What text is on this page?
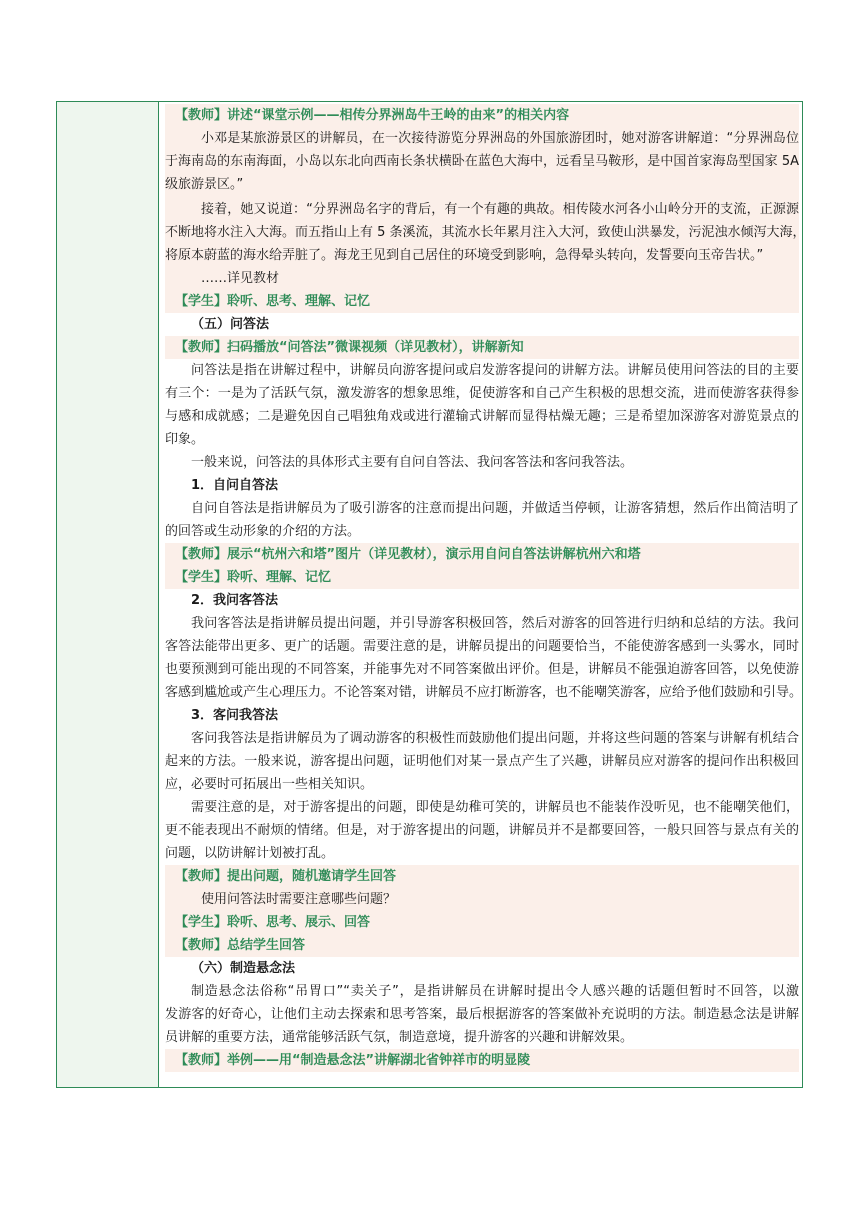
【教师】讲述“课堂示例——相传分界洲岛牛王岭的由来”的相关内容

小邓是某旅游景区的讲解员，在一次接待游览分界洲岛的外国旅游团时，她对游客讲解道：“分界洲岛位

于海南岛的东南海面，小岛以东北向西南长条状横卧在蓝色大海中，远看呈马鞍形，是中国首家海岛型国家 5A

级旅游景区。”

接着，她又说道：“分界洲岛名字的背后，有一个有趣的典故。相传陵水河各小山岭分开的支流，正源源

不断地将水注入大海。而五指山上有 5 条溪流，其流水长年累月注入大河，致使山洪暴发，污泥浊水倾泻大海，

将原本蔚蓝的海水给弄脏了。海龙王见到自己居住的环境受到影响，急得晕头转向，发誓要向玉帝告状。”

……详见教材

【学生】聆听、思考、理解、记忆

（五）问答法

【教师】扫码播放“问答法”微课视频（详见教材），讲解新知

问答法是指在讲解过程中，讲解员向游客提问或启发游客提问的讲解方法。讲解员使用问答法的目的主要

有三个：一是为了活跃气氛，激发游客的想象思维，促使游客和自己产生积极的思想交流，进而使游客获得参

与感和成就感；二是避免因自己唱独角戏或进行灌输式讲解而显得枯燥无趣；三是希望加深游客对游览景点的

印象。

一般来说，问答法的具体形式主要有自问自答法、我问客答法和客问我答法。

1．自问自答法

自问自答法是指讲解员为了吸引游客的注意而提出问题，并做适当停顿，让游客猜想，然后作出简洁明了

的回答或生动形象的介绍的方法。

【教师】展示“杭州六和塔”图片（详见教材），演示用自问自答法讲解杭州六和塔

【学生】聆听、理解、记忆

2．我问客答法

我问客答法是指讲解员提出问题，并引导游客积极回答，然后对游客的回答进行归纳和总结的方法。我问

客答法能带出更多、更广的话题。需要注意的是，讲解员提出的问题要恰当，不能使游客感到一头雾水，同时

也要预测到可能出现的不同答案，并能事先对不同答案做出评价。但是，讲解员不能强迫游客回答，以免使游

客感到尴尬或产生心理压力。不论答案对错，讲解员不应打断游客，也不能嘲笑游客，应给予他们鼓励和引导。

3．客问我答法

客问我答法是指讲解员为了调动游客的积极性而鼓励他们提出问题，并将这些问题的答案与讲解有机结合

起来的方法。一般来说，游客提出问题，证明他们对某一景点产生了兴趣，讲解员应对游客的提问作出积极回

应，必要时可拓展出一些相关知识。

需要注意的是，对于游客提出的问题，即使是幼稚可笑的，讲解员也不能装作没听见，也不能嘲笑他们，

更不能表现出不耐烦的情绪。但是，对于游客提出的问题，讲解员并不是都要回答，一般只回答与景点有关的

问题，以防讲解计划被打乱。

【教师】提出问题，随机邀请学生回答

使用问答法时需要注意哪些问题？

【学生】聆听、思考、展示、回答

【教师】总结学生回答

（六）制造悬念法

制造悬念法俗称“吊胃口”“卖关子”，是指讲解员在讲解时提出令人感兴趣的话题但暂时不回答，以激

发游客的好奇心，让他们主动去探索和思考答案，最后根据游客的答案做补充说明的方法。制造悬念法是讲解

员讲解的重要方法，通常能够活跃气氛，制造意境，提升游客的兴趣和讲解效果。

【教师】举例——用“制造悬念法”讲解湖北省钟祥市的明显陵
